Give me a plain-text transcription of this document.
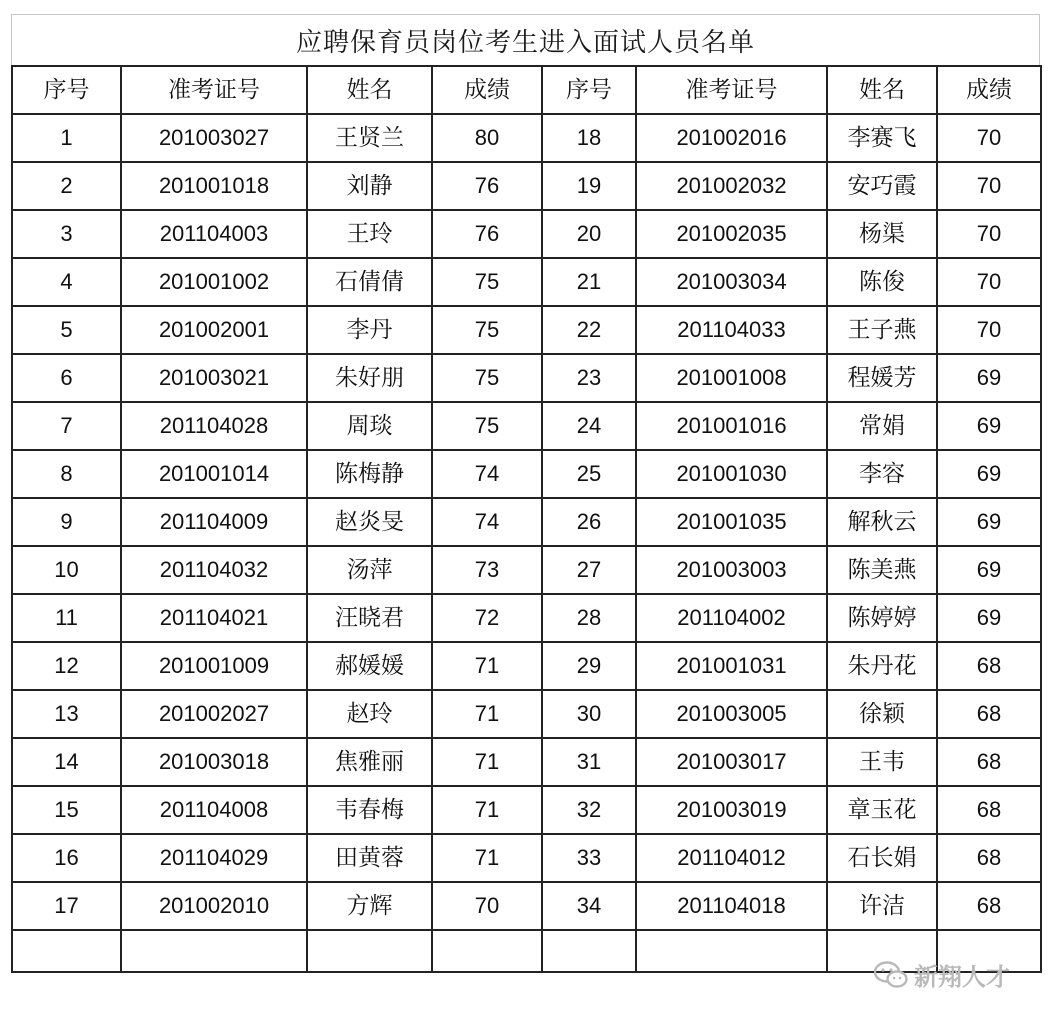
应聘保育员岗位考生进入面试人员名单
序号	准考证号	姓名	成绩	序号	准考证号	姓名	成绩
1	201003027	王贤兰	80	18	201002016	李赛飞	70
2	201001018	刘静	76	19	201002032	安巧霞	70
3	201104003	王玲	76	20	201002035	杨渠	70
4	201001002	石倩倩	75	21	201003034	陈俊	70
5	201002001	李丹	75	22	201104033	王子燕	70
6	201003021	朱好朋	75	23	201001008	程媛芳	69
7	201104028	周琰	75	24	201001016	常娟	69
8	201001014	陈梅静	74	25	201001030	李容	69
9	201104009	赵炎旻	74	26	201001035	解秋云	69
10	201104032	汤萍	73	27	201003003	陈美燕	69
11	201104021	汪晓君	72	28	201104002	陈婷婷	69
12	201001009	郝媛媛	71	29	201001031	朱丹花	68
13	201002027	赵玲	71	30	201003005	徐颖	68
14	201003018	焦雅丽	71	31	201003017	王韦	68
15	201104008	韦春梅	71	32	201003019	章玉花	68
16	201104029	田黄蓉	71	33	201104012	石长娟	68
17	201002010	方辉	70	34	201104018	许洁	68

新翔人才
